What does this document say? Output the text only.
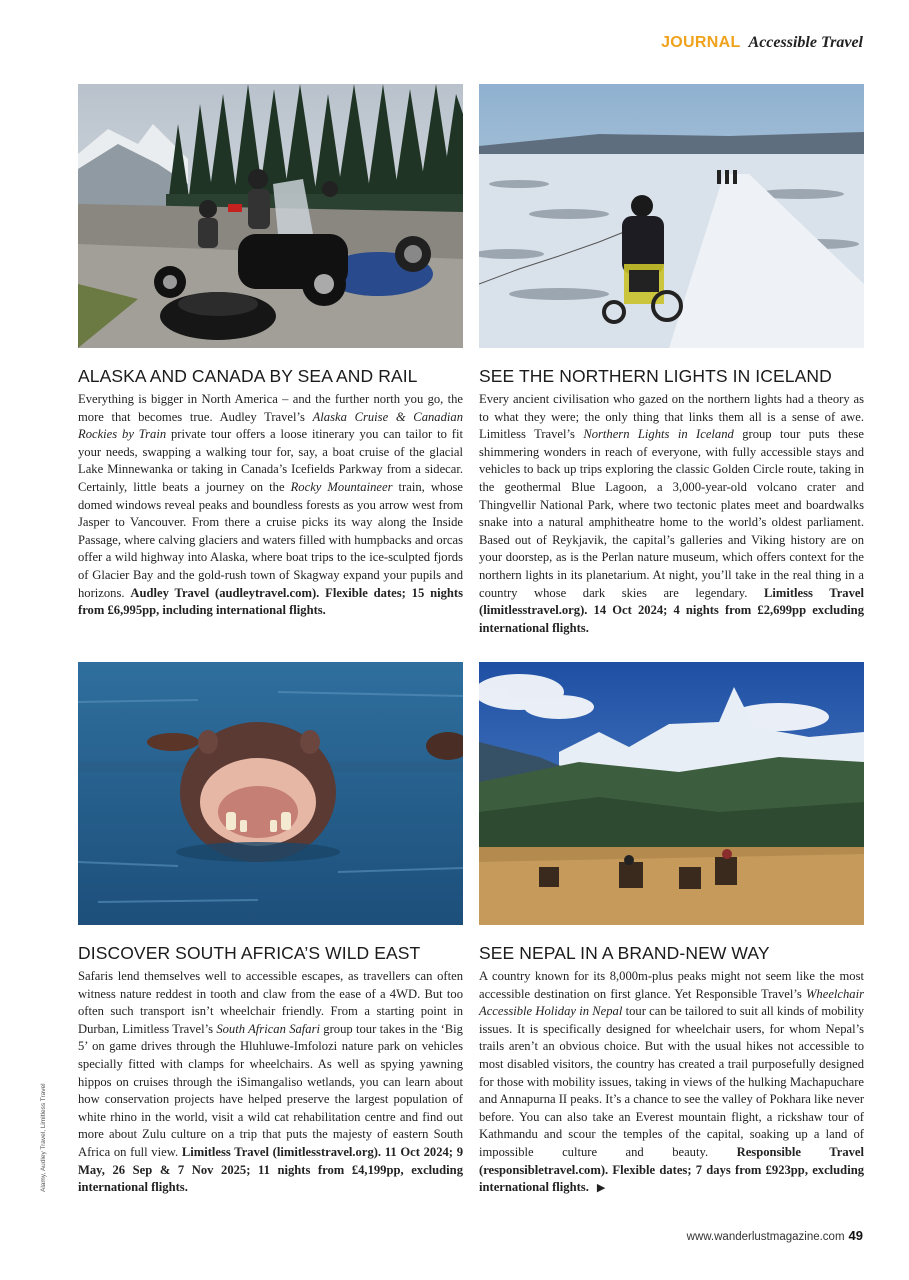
JOURNAL Accessible Travel
ALASKA AND CANADA BY SEA AND RAIL

Everything is bigger in North America – and the further north you go, the more that becomes true. Audley Travel’s Alaska Cruise & Canadian Rockies by Train private tour offers a loose itinerary you can tailor to fit your needs, swapping a walking tour for, say, a boat cruise of the glacial Lake Minnewanka or taking in Canada’s Icefields Parkway from a sidecar. Certainly, little beats a journey on the Rocky Mountaineer train, whose domed windows reveal peaks and boundless forests as you arrow west from Jasper to Vancouver. From there a cruise picks its way along the Inside Passage, where calving glaciers and waters filled with humpbacks and orcas offer a wild highway into Alaska, where boat trips to the ice-sculpted fjords of Glacier Bay and the gold-rush town of Skagway expand your pupils and horizons. Audley Travel (audleytravel.com). Flexible dates; 15 nights from £6,995pp, including international flights.

SEE THE NORTHERN LIGHTS IN ICELAND

Every ancient civilisation who gazed on the northern lights had a theory as to what they were; the only thing that links them all is a sense of awe. Limitless Travel’s Northern Lights in Iceland group tour puts these shimmering wonders in reach of everyone, with fully accessible stays and vehicles to back up trips exploring the classic Golden Circle route, taking in the geothermal Blue Lagoon, a 3,000-year-old volcano crater and Thingvellir National Park, where two tectonic plates meet and boardwalks snake into a natural amphitheatre home to the world’s oldest parliament. Based out of Reykjavik, the capital’s galleries and Viking history are on your doorstep, as is the Perlan nature museum, which offers context for the northern lights in its planetarium. At night, you’ll take in the real thing in a country whose dark skies are legendary. Limitless Travel (limitlesstravel.org). 14 Oct 2024; 4 nights from £2,699pp excluding international flights.

DISCOVER SOUTH AFRICA’S WILD EAST

Safaris lend themselves well to accessible escapes, as travellers can often witness nature reddest in tooth and claw from the ease of a 4WD. But too often such transport isn’t wheelchair friendly. From a starting point in Durban, Limitless Travel’s South African Safari group tour takes in the ‘Big 5’ on game drives through the Hluhluwe-Imfolozi nature park on vehicles specially fitted with clamps for wheelchairs. As well as spying yawning hippos on cruises through the iSimangaliso wetlands, you can learn about how conservation projects have helped preserve the largest population of white rhino in the world, visit a wild cat rehabilitation centre and find out more about Zulu culture on a trip that puts the majesty of eastern South Africa on full view. Limitless Travel (limitlesstravel.org). 11 Oct 2024; 9 May, 26 Sep & 7 Nov 2025; 11 nights from £4,199pp, excluding international flights.

SEE NEPAL IN A BRAND-NEW WAY

A country known for its 8,000m-plus peaks might not seem like the most accessible destination on first glance. Yet Responsible Travel’s Wheelchair Accessible Holiday in Nepal tour can be tailored to suit all kinds of mobility issues. It is specifically designed for wheelchair users, for whom Nepal’s trails aren’t an obvious choice. But with the usual hikes not accessible to most disabled visitors, the country has created a trail purposefully designed for those with mobility issues, taking in views of the hulking Machapuchare and Annapurna II peaks. It’s a chance to see the valley of Pokhara like never before. You can also take an Everest mountain flight, a rickshaw tour of Kathmandu and scour the temples of the capital, soaking up a land of impossible culture and beauty. Responsible Travel (responsibletravel.com). Flexible dates; 7 days from £923pp, excluding international flights. ▶

Alamy, Audley Travel, Limitless Travel
www.wanderlustmagazine.com 49
